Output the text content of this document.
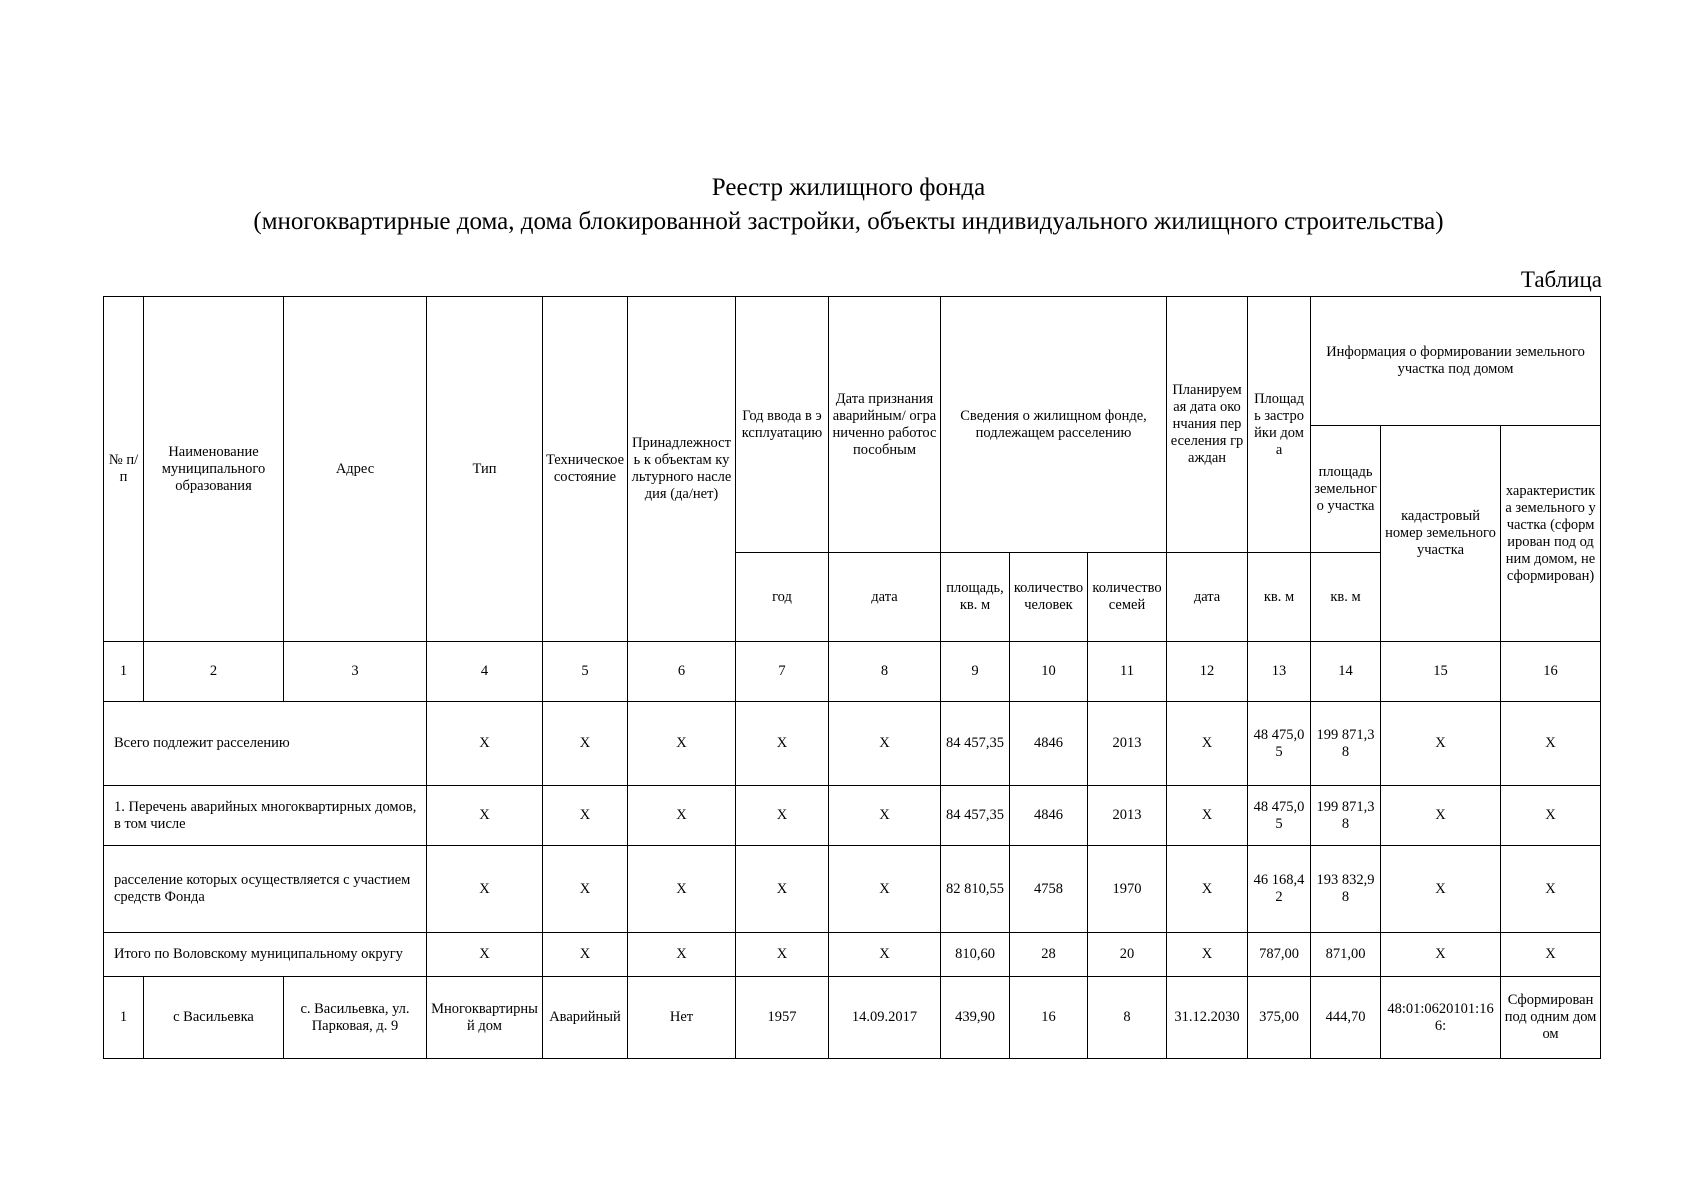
Реестр жилищного фонда
(многоквартирные дома, дома блокированной застройки, объекты индивидуального жилищного строительства)
Таблица
№ п/п	Наименование муниципального образования	Адрес	Тип	Техническое состояние	Принадлежность к объектам культурного наследия (да/нет)	Год ввода в эксплуатацию	Дата признания аварийным/ ограниченно работоспособным	Сведения о жилищном фонде, подлежащем расселению			Планируемая дата окончания переселения граждан	Площадь застройки дома	Информация о формировании земельного участка под домом		
													площадь земельного участка	кадастровый номер земельного участка	характеристика земельного участка (сформирован под одним домом, не сформирован)
						год	дата	площадь, кв. м	количество человек	количество семей	дата	кв. м	кв. м		
1	2	3	4	5	6	7	8	9	10	11	12	13	14	15	16
Всего подлежит расселению			X	X	X	X	X	84 457,35	4846	2013	X	48 475,05	199 871,38	X	X
1. Перечень аварийных многоквартирных домов, в том числе			X	X	X	X	X	84 457,35	4846	2013	X	48 475,05	199 871,38	X	X
расселение которых осуществляется с участием средств Фонда			X	X	X	X	X	82 810,55	4758	1970	X	46 168,42	193 832,98	X	X
Итого по Воловскому муниципальному округу			X	X	X	X	X	810,60	28	20	X	787,00	871,00	X	X
1	с Васильевка	с. Васильевка, ул. Парковая, д. 9	Многоквартирный дом	Аварийный	Нет	1957	14.09.2017	439,90	16	8	31.12.2030	375,00	444,70	48:01:0620101:166:	Сформирован под одним домом
